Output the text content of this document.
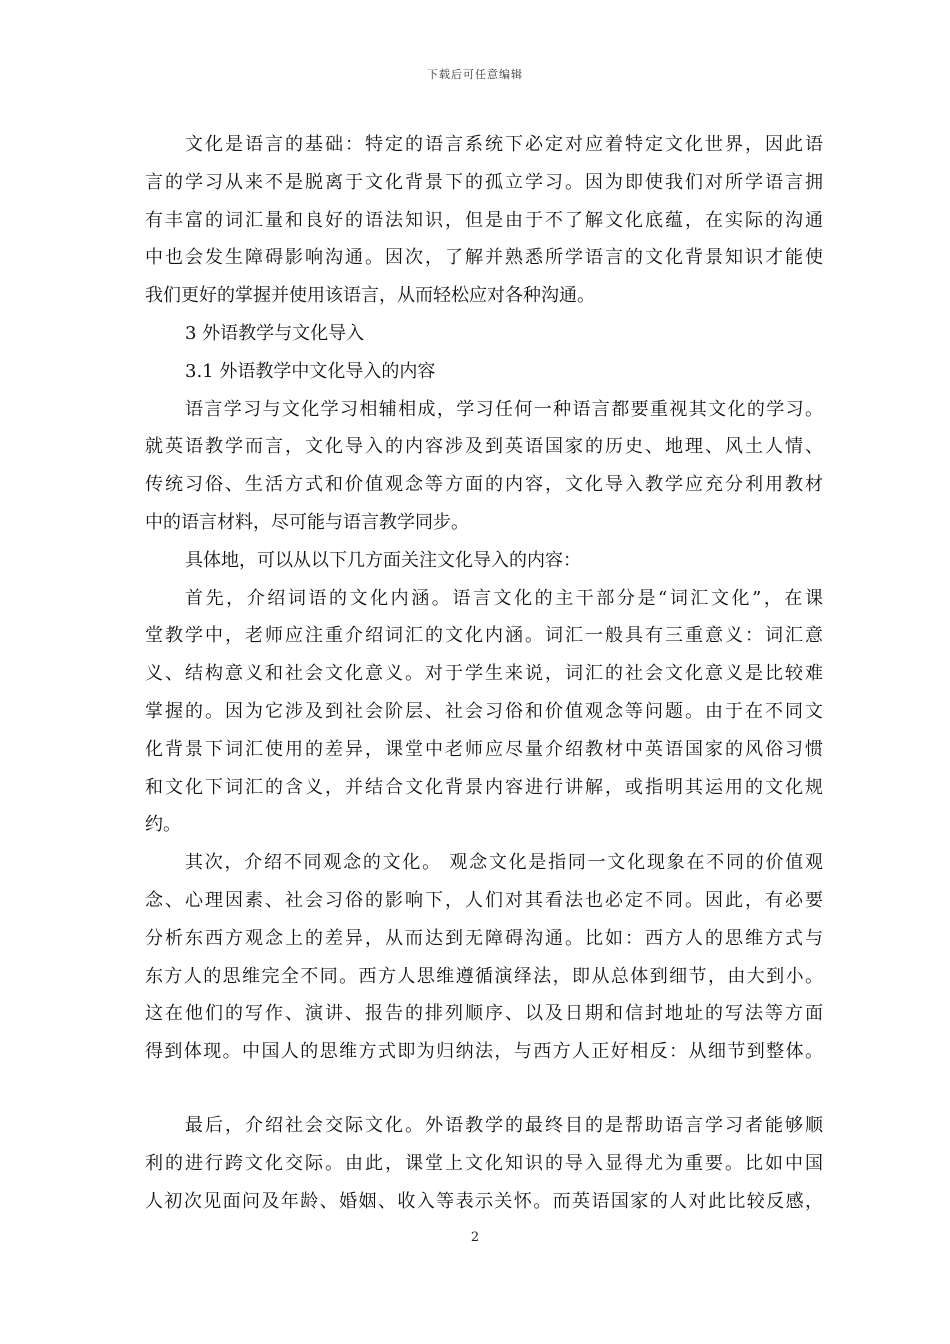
下载后可任意编辑
文化是语言的基础：特定的语言系统下必定对应着特定文化世界，因此语
言的学习从来不是脱离于文化背景下的孤立学习。因为即使我们对所学语言拥
有丰富的词汇量和良好的语法知识，但是由于不了解文化底蕴，在实际的沟通
中也会发生障碍影响沟通。因次，了解并熟悉所学语言的文化背景知识才能使
我们更好的掌握并使用该语言，从而轻松应对各种沟通。
3 外语教学与文化导入
3.1 外语教学中文化导入的内容
语言学习与文化学习相辅相成，学习任何一种语言都要重视其文化的学习。
就英语教学而言，文化导入的内容涉及到英语国家的历史、地理、风土人情、
传统习俗、生活方式和价值观念等方面的内容，文化导入教学应充分利用教材
中的语言材料，尽可能与语言教学同步。
具体地，可以从以下几方面关注文化导入的内容：
首先，介绍词语的文化内涵。语言文化的主干部分是“词汇文化”，在课
堂教学中，老师应注重介绍词汇的文化内涵。词汇一般具有三重意义：词汇意
义、结构意义和社会文化意义。对于学生来说，词汇的社会文化意义是比较难
掌握的。因为它涉及到社会阶层、社会习俗和价值观念等问题。由于在不同文
化背景下词汇使用的差异，课堂中老师应尽量介绍教材中英语国家的风俗习惯
和文化下词汇的含义，并结合文化背景内容进行讲解，或指明其运用的文化规
约。
其次，介绍不同观念的文化。 观念文化是指同一文化现象在不同的价值观
念、心理因素、社会习俗的影响下，人们对其看法也必定不同。因此，有必要
分析东西方观念上的差异，从而达到无障碍沟通。比如：西方人的思维方式与
东方人的思维完全不同。西方人思维遵循演绎法，即从总体到细节，由大到小。
这在他们的写作、演讲、报告的排列顺序、以及日期和信封地址的写法等方面
得到体现。中国人的思维方式即为归纳法，与西方人正好相反：从细节到整体。
最后，介绍社会交际文化。外语教学的最终目的是帮助语言学习者能够顺
利的进行跨文化交际。由此，课堂上文化知识的导入显得尤为重要。比如中国
人初次见面问及年龄、婚姻、收入等表示关怀。而英语国家的人对此比较反感，
2
